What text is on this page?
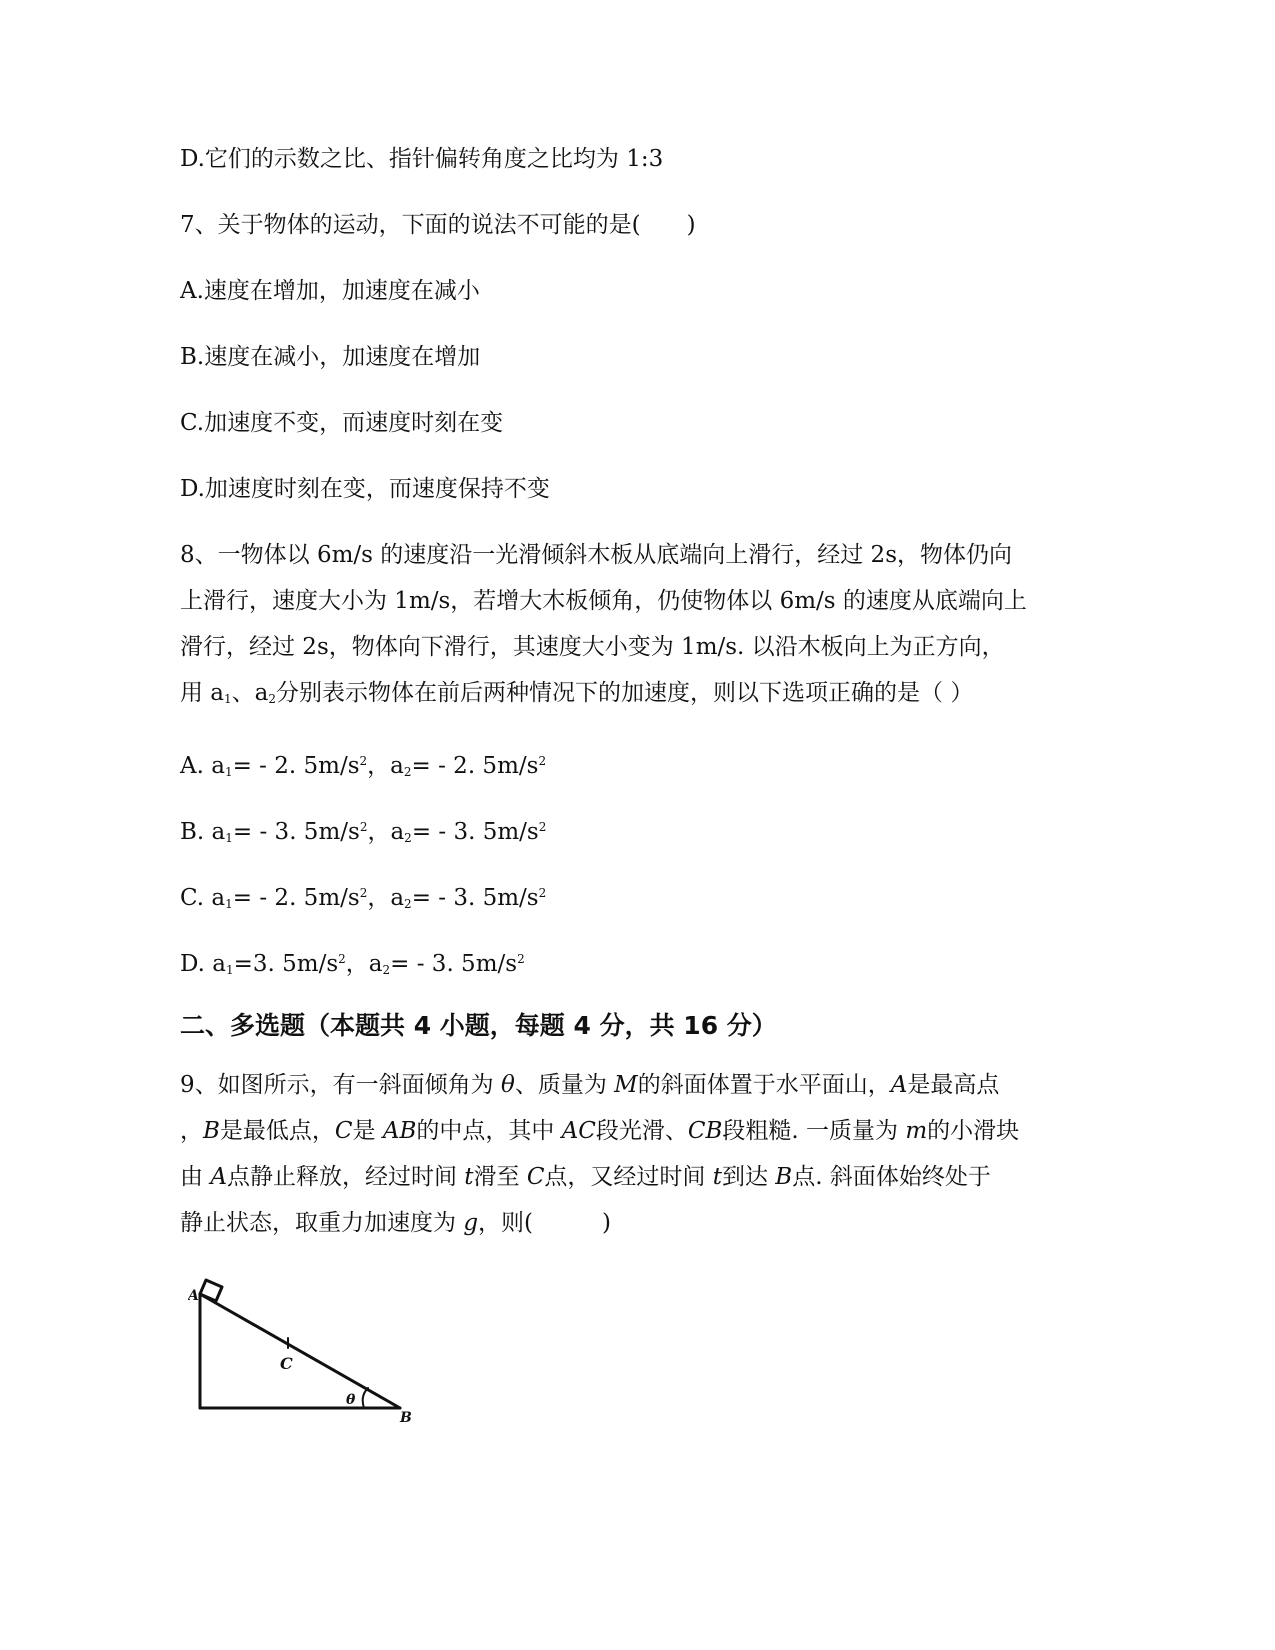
D.它们的示数之比、指针偏转角度之比均为 1:3
7、关于物体的运动，下面的说法不可能的是(　　)
A.速度在增加，加速度在减小
B.速度在减小，加速度在增加
C.加速度不变，而速度时刻在变
D.加速度时刻在变，而速度保持不变
8、一物体以 6m/s 的速度沿一光滑倾斜木板从底端向上滑行，经过 2s，物体仍向
上滑行，速度大小为 1m/s，若增大木板倾角，仍使物体以 6m/s 的速度从底端向上
滑行，经过 2s，物体向下滑行，其速度大小变为 1m/s. 以沿木板向上为正方向，
用 $a_1$、$a_2$分别表示物体在前后两种情况下的加速度，则以下选项正确的是（ ）
A. $a_1= - 2$. $5m/s^2$，$a_2= - 2$. $5m/s^2$
B. $a_1= - 3$. $5m/s^2$，$a_2= - 3$. $5m/s^2$
C. $a_1= - 2$. $5m/s^2$，$a_2= - 3$. $5m/s^2$
D. $a_1=3$. $5m/s^2$，$a_2= - 3$. $5m/s^2$
二、多选题（本题共 4 小题，每题 4 分，共 16 分）
9、如图所示，有一斜面倾角为 θ、质量为 M的斜面体置于水平面山，A是最高点
，B是最低点，C是 AB的中点，其中 AC段光滑、CB段粗糙. 一质量为 m的小滑块
由 A点静止释放，经过时间 t滑至 C点，又经过时间 t到达 B点. 斜面体始终处于
静止状态，取重力加速度为 g，则(　　　)
A
C
θ
B
